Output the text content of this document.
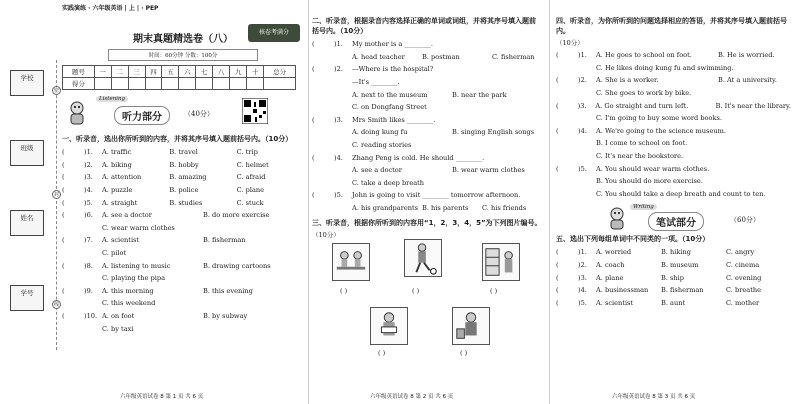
学校
班级
姓名
学号
密
封
线
实践演练 · 六年级英语 | 上 | · PEP
核卷考满分
期末真题精选卷（八）
时间：60分钟 分数：100分
题号	一	二	三	四	五	六	七	八	九	十	总分
得分											
Listening
听力部分	（40分）
一、听录音，选出你所听到的内容，并将其序号填入题前括号内。（10分）
(	)1.	A. traffic	B. travel	C. trip
(	)2.	A. biking	B. hobby	C. helmet
(	)3.	A. attention	B. amazing	C. afraid
(	)4.	A. puzzle	B. police	C. plane
(	)5.	A. straight	B. studies	C. stuck
(	)6.	A. see a doctor	B. do more exercise
C. wear warm clothes
(	)7.	A. scientist	B. fisherman
C. pilot
(	)8.	A. listening to music	B. drawing cartoons
C. playing the pipa
(	)9.	A. this morning	B. this evening
C. this weekend
(	)10. A. on foot	B. by subway
C. by taxi
六年级英语试卷 8 第 1 页 共 6 页
二、听录音，根据录音内容选择正确的单词或词组，并将其序号填入题前括号内。（10分）
(	)1.	My mother is a ________.
A. head teacher	B. postman	C. fisherman
(	)2.	—Where is the hospital?
—It's ________.
A. next to the museum	B. near the park
C. on Dongfang Street
(	)3.	Mrs Smith likes ________.
A. doing kung fu	B. singing English songs
C. reading stories
(	)4.	Zhang Peng is cold. He should ________.
A. see a doctor	B. wear warm clothes
C. take a deep breath
(	)5.	John is going to visit ________ tomorrow afternoon.
A. his grandparents B. his parents	C. his friends
三、听录音，根据你所听到的内容用“1，2，3，4，5”为下列图片编号。
（10分）
( )	( )	( )
( )	( )
六年级英语试卷 8 第 2 页 共 6 页
四、听录音，为你所听到的问题选择相应的答语，并将其序号填入题前括号内。
（10分）
(	)1.	A. He goes to school on foot.	B. He is worried.
C. He likes doing kung fu and swimming.
(	)2.	A. She is a worker.	B. At a university.
C. She goes to work by bike.
(	)3.	A. Go straight and turn left.	B. It's near the library.
C. I'm going to buy some word books.
(	)4.	A. We're going to the science museum.
B. I come to school on foot.
C. It's near the bookstore.
(	)5.	A. You should wear warm clothes.
B. You should do more exercise.
C. You should take a deep breath and count to ten.
Writing
笔试部分	（60分）
五、选出下列每组单词中不同类的一项。（10分）
(	)1.	A. worried	B. hiking	C. angry
(	)2.	A. coach	B. museum	C. cinema
(	)3.	A. plane	B. ship	C. evening
(	)4.	A. businessman	B. fisherman	C. breathe
(	)5.	A. scientist	B. aunt	C. mother
六年级英语试卷 8 第 3 页 共 6 页
